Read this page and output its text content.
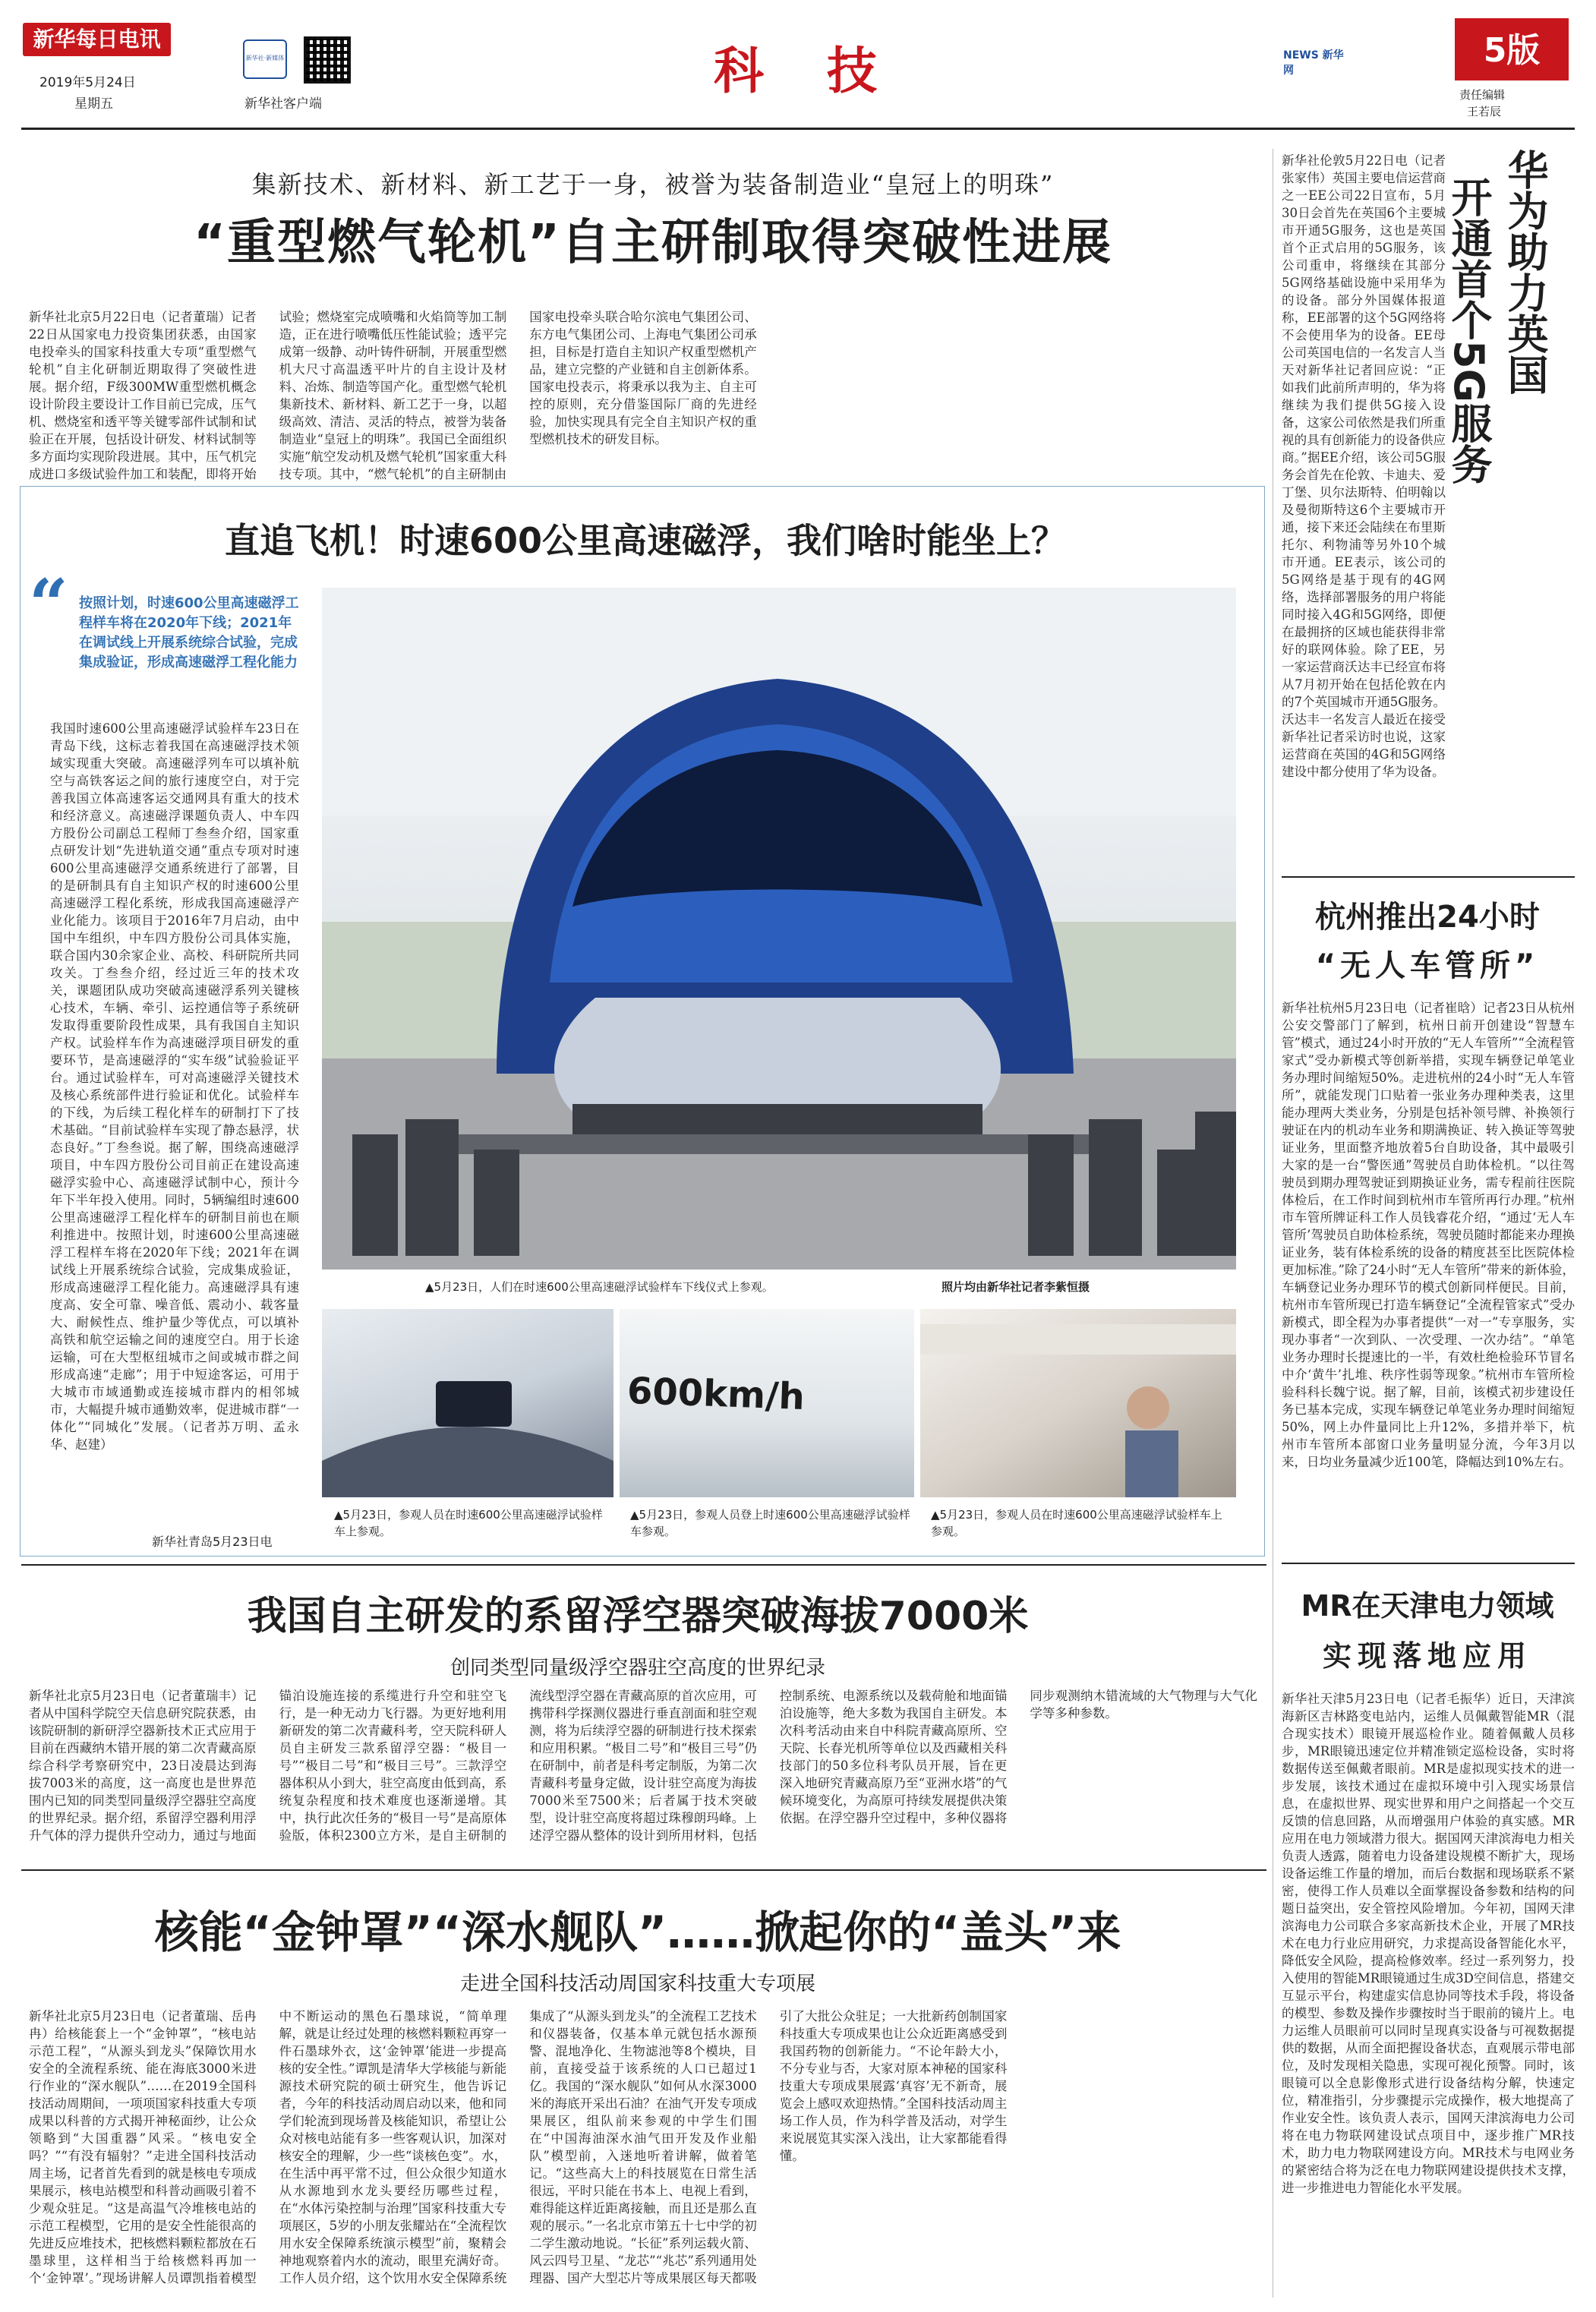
新华每日电讯
2019年5月24日
星期五
新华社·新媒体
新华社客户端
科 技	NEWS 新华网
5版
责任编辑
王若辰
集新技术、新材料、新工艺于一身，被誉为装备制造业“皇冠上的明珠”
“重型燃气轮机”自主研制取得突破性进展
新华社北京5月22日电（记者董瑞）记者22日从国家电力投资集团获悉，由国家电投牵头的国家科技重大专项“重型燃气轮机”自主化研制近期取得了突破性进展。据介绍，F级300MW重型燃机概念设计阶段主要设计工作目前已完成，压气机、燃烧室和透平等关键零部件试制和试验正在开展，包括设计研发、材料试制等多方面均实现阶段进展。其中，压气机完成进口多级试验件加工和装配，即将开始试验；燃烧室完成喷嘴和火焰筒等加工制造，正在进行喷嘴低压性能试验；透平完成第一级静、动叶铸件研制，开展重型燃机大尺寸高温透平叶片的自主设计及材料、冶炼、制造等国产化。重型燃气轮机集新技术、新材料、新工艺于一身，以超级高效、清洁、灵活的特点，被誉为装备制造业“皇冠上的明珠”。我国已全面组织实施“航空发动机及燃气轮机”国家重大科技专项。其中，“燃气轮机”的自主研制由国家电投牵头联合哈尔滨电气集团公司、东方电气集团公司、上海电气集团公司承担，目标是打造自主知识产权重型燃机产品，建立完整的产业链和自主创新体系。国家电投表示，将秉承以我为主、自主可控的原则，充分借鉴国际厂商的先进经验，加快实现具有完全自主知识产权的重型燃机技术的研发目标。
直追飞机！时速600公里高速磁浮，我们啥时能坐上？
“ 按照计划，时速600公里高速磁浮工程样车将在2020年下线；2021年在调试线上开展系统综合试验，完成集成验证，形成高速磁浮工程化能力
我国时速600公里高速磁浮试验样车23日在青岛下线，这标志着我国在高速磁浮技术领域实现重大突破。高速磁浮列车可以填补航空与高铁客运之间的旅行速度空白，对于完善我国立体高速客运交通网具有重大的技术和经济意义。高速磁浮课题负责人、中车四方股份公司副总工程师丁叁叁介绍，国家重点研发计划“先进轨道交通”重点专项对时速600公里高速磁浮交通系统进行了部署，目的是研制具有自主知识产权的时速600公里高速磁浮工程化系统，形成我国高速磁浮产业化能力。该项目于2016年7月启动，由中国中车组织，中车四方股份公司具体实施，联合国内30余家企业、高校、科研院所共同攻关。丁叁叁介绍，经过近三年的技术攻关，课题团队成功突破高速磁浮系列关键核心技术，车辆、牵引、运控通信等子系统研发取得重要阶段性成果，具有我国自主知识产权。试验样车作为高速磁浮项目研发的重要环节，是高速磁浮的“实车级”试验验证平台。通过试验样车，可对高速磁浮关键技术及核心系统部件进行验证和优化。试验样车的下线，为后续工程化样车的研制打下了技术基础。“目前试验样车实现了静态悬浮，状态良好。”丁叁叁说。据了解，围绕高速磁浮项目，中车四方股份公司目前正在建设高速磁浮实验中心、高速磁浮试制中心，预计今年下半年投入使用。同时，5辆编组时速600公里高速磁浮工程化样车的研制目前也在顺利推进中。按照计划，时速600公里高速磁浮工程样车将在2020年下线；2021年在调试线上开展系统综合试验，完成集成验证，形成高速磁浮工程化能力。高速磁浮具有速度高、安全可靠、噪音低、震动小、载客量大、耐候性点、维护量少等优点，可以填补高铁和航空运输之间的速度空白。用于长途运输，可在大型枢纽城市之间或城市群之间形成高速“走廊”；用于中短途客运，可用于大城市市域通勤或连接城市群内的相邻城市，大幅提升城市通勤效率，促进城市群“一体化”“同城化”发展。（记者苏万明、孟永华、赵建）
新华社青岛5月23日电
▲5月23日，人们在时速600公里高速磁浮试验样车下线仪式上参观。	照片均由新华社记者李紫恒摄
600km/h
▲5月23日，参观人员在时速600公里高速磁浮试验样车上参观。
▲5月23日，参观人员登上时速600公里高速磁浮试验样车参观。
▲5月23日，参观人员在时速600公里高速磁浮试验样车上参观。
新华社伦敦5月22日电（记者张家伟）英国主要电信运营商之一EE公司22日宣布，5月30日会首先在英国6个主要城市开通5G服务，这也是英国首个正式启用的5G服务，该公司重申，将继续在其部分5G网络基础设施中采用华为的设备。部分外国媒体报道称，EE部署的这个5G网络将不会使用华为的设备。EE母公司英国电信的一名发言人当天对新华社记者回应说：“正如我们此前所声明的，华为将继续为我们提供5G接入设备，这家公司依然是我们所重视的具有创新能力的设备供应商。”据EE介绍，该公司5G服务会首先在伦敦、卡迪夫、爱丁堡、贝尔法斯特、伯明翰以及曼彻斯特这6个主要城市开通，接下来还会陆续在布里斯托尔、利物浦等另外10个城市开通。EE表示，该公司的5G网络是基于现有的4G网络，选择部署服务的用户将能同时接入4G和5G网络，即便在最拥挤的区域也能获得非常好的联网体验。除了EE，另一家运营商沃达丰已经宣布将从7月初开始在包括伦敦在内的7个英国城市开通5G服务。沃达丰一名发言人最近在接受新华社记者采访时也说，这家运营商在英国的4G和5G网络建设中都分使用了华为设备。
开通首个5G服务 华为助力英国
杭州推出24小时
“无人车管所”
新华社杭州5月23日电（记者崔晗）记者23日从杭州公安交警部门了解到，杭州日前开创建设“智慧车管”模式，通过24小时开放的“无人车管所”“全流程管家式”受办新模式等创新举措，实现车辆登记单笔业务办理时间缩短50%。走进杭州的24小时“无人车管所”，就能发现门口贴着一张业务办理种类表，这里能办理两大类业务，分别是包括补领号牌、补换领行驶证在内的机动车业务和期满换证、转入换证等驾驶证业务，里面整齐地放着5台自助设备，其中最吸引大家的是一台“警医通”驾驶员自助体检机。“以往驾驶员到期办理驾驶证到期换证业务，需专程前往医院体检后，在工作时间到杭州市车管所再行办理。”杭州市车管所牌证科工作人员钱睿花介绍，“通过‘无人车管所’驾驶员自助体检系统，驾驶员随时都能来办理换证业务，装有体检系统的设备的精度甚至比医院体检更加标准。”除了24小时“无人车管所”带来的新体验，车辆登记业务办理环节的模式创新同样便民。目前，杭州市车管所现已打造车辆登记“全流程管家式”受办新模式，即全程为办事者提供“一对一”专享服务，实现办事者“一次到队、一次受理、一次办结”。“单笔业务办理时长提速比的一半，有效杜绝检验环节冒名中介‘黄牛’扎堆、秩序性弱等现象。”杭州市车管所检验科科长魏宁说。据了解，目前，该模式初步建设任务已基本完成，实现车辆登记单笔业务办理时间缩短50%，网上办件量同比上升12%，多措并举下，杭州市车管所本部窗口业务量明显分流，今年3月以来，日均业务量减少近100笔，降幅达到10%左右。
我国自主研发的系留浮空器突破海拔7000米
创同类型同量级浮空器驻空高度的世界纪录
新华社北京5月23日电（记者董瑞丰）记者从中国科学院空天信息研究院获悉，由该院研制的新研浮空器新技术正式应用于目前在西藏纳木错开展的第二次青藏高原综合科学考察研究中，23日凌晨达到海拔7003米的高度，这一高度也是世界范围内已知的同类型同量级浮空器驻空高度的世界纪录。据介绍，系留浮空器利用浮升气体的浮力提供升空动力，通过与地面锚泊设施连接的系缆进行升空和驻空飞行，是一种无动力飞行器。为更好地利用新研发的第二次青藏科考，空天院科研人员自主研发三款系留浮空器：“极目一号”“极目二号”和“极目三号”。三款浮空器体积从小到大，驻空高度由低到高，系统复杂程度和技术难度也逐渐递增。其中，执行此次任务的“极目一号”是高原体验版，体积2300立方米，是自主研制的流线型浮空器在青藏高原的首次应用，可携带科学探测仪器进行垂直剖面和驻空观测，将为后续浮空器的研制进行技术探索和应用积累。“极目二号”和“极目三号”仍在研制中，前者是科考定制版，为第二次青藏科考量身定做，设计驻空高度为海拔7000米至7500米；后者属于技术突破型，设计驻空高度将超过珠穆朗玛峰。上述浮空器从整体的设计到所用材料，包括控制系统、电源系统以及载荷舱和地面锚泊设施等，绝大多数为我国自主研发。本次科考活动由来自中科院青藏高原所、空天院、长春光机所等单位以及西藏相关科技部门的50多位科考队员开展，旨在更深入地研究青藏高原乃至“亚洲水塔”的气候环境变化，为高原可持续发展提供决策依据。在浮空器升空过程中，多种仪器将同步观测纳木错流域的大气物理与大气化学等多种参数。
核能“金钟罩”“深水舰队”……掀起你的“盖头”来
走进全国科技活动周国家科技重大专项展
新华社北京5月23日电（记者董瑞、岳冉冉）给核能套上一个“金钟罩”，“核电站示范工程”，“从源头到龙头”保障饮用水安全的全流程系统、能在海底3000米进行作业的“深水舰队”……在2019全国科技活动周期间，一项项国家科技重大专项成果以科普的方式揭开神秘面纱，让公众领略到“大国重器”风采。“核电安全吗？”“有没有辐射？”走进全国科技活动周主场，记者首先看到的就是核电专项成果展示，核电站模型和科普动画吸引着不少观众驻足。“这是高温气冷堆核电站的示范工程模型，它用的是安全性能很高的先进反应堆技术，把核燃料颗粒都放在石墨球里，这样相当于给核燃料再加一个‘金钟罩’。”现场讲解人员谭凯指着模型中不断运动的黑色石墨球说，“简单理解，就是让经过处理的核燃料颗粒再穿一件石墨球外衣，这‘金钟罩’能进一步提高核的安全性。”谭凯是清华大学核能与新能源技术研究院的硕士研究生，他告诉记者，今年的科技活动周启动以来，他和同学们轮流到现场普及核能知识，希望让公众对核电站能有多一些客观认识，加深对核安全的理解，少一些“谈核色变”。水，在生活中再平常不过，但公众很少知道水从水源地到水龙头要经历哪些过程，在“水体污染控制与治理”国家科技重大专项展区，5岁的小朋友张耀站在“全流程饮用水安全保障系统演示模型”前，聚精会神地观察着内水的流动，眼里充满好奇。工作人员介绍，这个饮用水安全保障系统集成了“从源头到龙头”的全流程工艺技术和仪器装备，仅基本单元就包括水源预警、混地净化、生物滤池等8个模块，目前，直接受益于该系统的人口已超过1亿。我国的“深水舰队”如何从水深3000米的海底开采出石油？在油气开发专项成果展区，组队前来参观的中学生们围在“中国海油深水油气田开发及作业船队”模型前，入迷地听着讲解，做着笔记。“这些高大上的科技展览在日常生活很远，平时只能在书本上、电视上看到，难得能这样近距离接触，而且还是那么直观的展示。”一名北京市第五十七中学的初二学生激动地说。“长征”系列运载火箭、风云四号卫星、“龙芯”“兆芯”系列通用处理器、国产大型芯片等成果展区每天都吸引了大批公众驻足；一大批新药创制国家科技重大专项成果也让公众近距离感受到我国药物的创新能力。“不论年龄大小，不分专业与否，大家对原本神秘的国家科技重大专项成果展露‘真容’无不新奇，展览会上感叹欢迎热情。”全国科技活动周主场工作人员，作为科学普及活动，对学生来说展览其实深入浅出，让大家都能看得懂。
MR在天津电力领域
实现落地应用
新华社天津5月23日电（记者毛振华）近日，天津滨海新区吉林路变电站内，运维人员佩戴智能MR（混合现实技术）眼镜开展巡检作业。随着佩戴人员移步，MR眼镜迅速定位并精准锁定巡检设备，实时将数据传送至佩戴者眼前。MR是虚拟现实技术的进一步发展，该技术通过在虚拟环境中引入现实场景信息，在虚拟世界、现实世界和用户之间搭起一个交互反馈的信息回路，从而增强用户体验的真实感。MR应用在电力领域潜力很大。据国网天津滨海电力相关负责人透露，随着电力设备建设规模不断扩大，现场设备运维工作量的增加，而后台数据和现场联系不紧密，使得工作人员难以全面掌握设备参数和结构的问题日益突出，安全管控风险增加。今年初，国网天津滨海电力公司联合多家高新技术企业，开展了MR技术在电力行业应用研究，力求提高设备智能化水平，降低安全风险，提高检修效率。经过一系列努力，投入使用的智能MR眼镜通过生成3D空间信息，搭建交互显示平台，构建虚实信息协同等技术手段，将设备的模型、参数及操作步骤按时当于眼前的镜片上。电力运维人员眼前可以同时呈现真实设备与可视数据提供的数据，从而全面把握设备状态，直观展示带电部位，及时发现相关隐患，实现可视化预警。同时，该眼镜可以全息影像形式进行设备结构分解，快速定位，精准指引，分步骤提示完成操作，极大地提高了作业安全性。该负责人表示，国网天津滨海电力公司将在电力物联网建设试点项目中，逐步推广MR技术，助力电力物联网建设方向。MR技术与电网业务的紧密结合将为泛在电力物联网建设提供技术支撑，进一步推进电力智能化水平发展。
